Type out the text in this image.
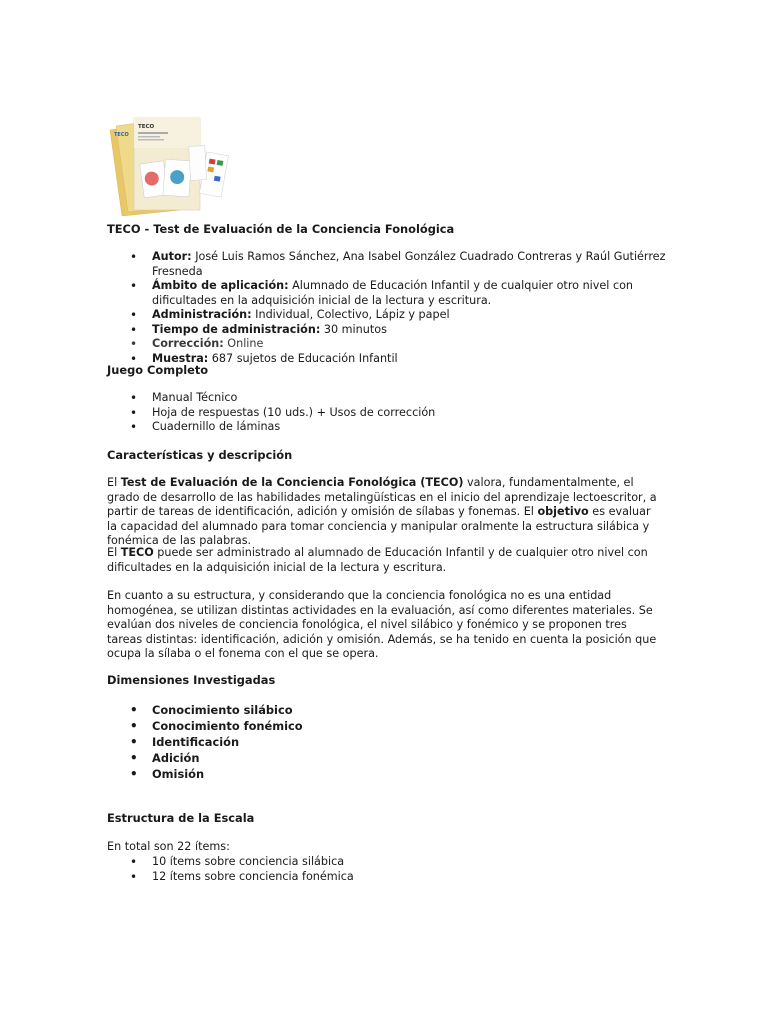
TECO
TECO
TECO - Test de Evaluación de la Conciencia Fonológica
• Autor: José Luis Ramos Sánchez, Ana Isabel González Cuadrado Contreras y Raúl Gutiérrez Fresneda
• Ámbito de aplicación: Alumnado de Educación Infantil y de cualquier otro nivel con dificultades en la adquisición inicial de la lectura y escritura.
• Administración: Individual, Colectivo, Lápiz y papel
• Tiempo de administración: 30 minutos
• Corrección: Online
• Muestra: 687 sujetos de Educación Infantil
Juego Completo
• Manual Técnico
• Hoja de respuestas (10 uds.) + Usos de corrección
• Cuadernillo de láminas
Características y descripción

El Test de Evaluación de la Conciencia Fonológica (TECO) valora, fundamentalmente, el grado de desarrollo de las habilidades metalingüísticas en el inicio del aprendizaje lectoescritor, a partir de tareas de identificación, adición y omisión de sílabas y fonemas. El objetivo es evaluar la capacidad del alumnado para tomar conciencia y manipular oralmente la estructura silábica y fonémica de las palabras.

El TECO puede ser administrado al alumnado de Educación Infantil y de cualquier otro nivel con dificultades en la adquisición inicial de la lectura y escritura.

En cuanto a su estructura, y considerando que la conciencia fonológica no es una entidad homogénea, se utilizan distintas actividades en la evaluación, así como diferentes materiales. Se evalúan dos niveles de conciencia fonológica, el nivel silábico y fonémico y se proponen tres tareas distintas: identificación, adición y omisión. Además, se ha tenido en cuenta la posición que ocupa la sílaba o el fonema con el que se opera.

Dimensiones Investigadas
• Conocimiento silábico
• Conocimiento fonémico
• Identificación
• Adición
• Omisión
Estructura de la Escala

En total son 22 ítems:

• 10 ítems sobre conciencia silábica
• 12 ítems sobre conciencia fonémica
